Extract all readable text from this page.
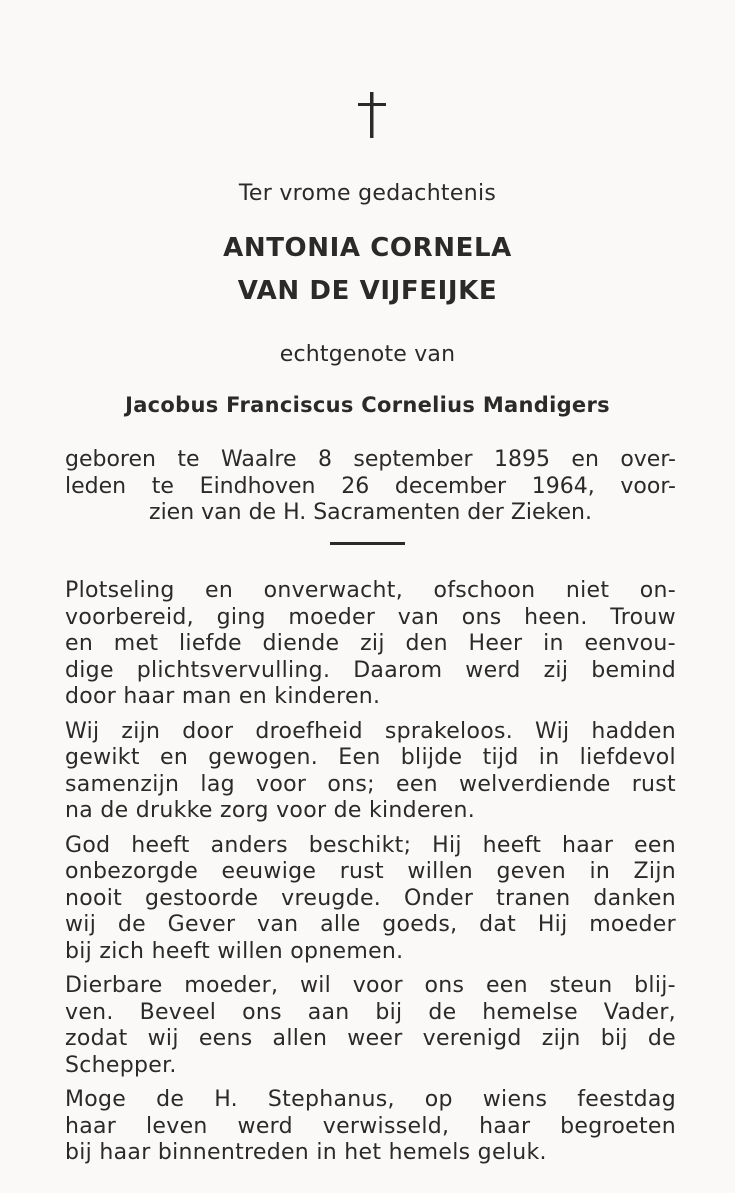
Ter vrome gedachtenis
ANTONIA CORNELA
VAN DE VIJFEIJKE
echtgenote van
Jacobus Franciscus Cornelius Mandigers
geboren te Waalre 8 september 1895 en over-
leden te Eindhoven 26 december 1964, voor-
zien van de H. Sacramenten der Zieken.
Plotseling en onverwacht, ofschoon niet on-
voorbereid, ging moeder van ons heen. Trouw
en met liefde diende zij den Heer in eenvou-
dige plichtsvervulling. Daarom werd zij bemind
door haar man en kinderen.
Wij zijn door droefheid sprakeloos. Wij hadden
gewikt en gewogen. Een blijde tijd in liefdevol
samenzijn lag voor ons; een welverdiende rust
na de drukke zorg voor de kinderen.
God heeft anders beschikt; Hij heeft haar een
onbezorgde eeuwige rust willen geven in Zijn
nooit gestoorde vreugde. Onder tranen danken
wij de Gever van alle goeds, dat Hij moeder
bij zich heeft willen opnemen.
Dierbare moeder, wil voor ons een steun blij-
ven. Beveel ons aan bij de hemelse Vader,
zodat wij eens allen weer verenigd zijn bij de
Schepper.
Moge de H. Stephanus, op wiens feestdag
haar leven werd verwisseld, haar begroeten
bij haar binnentreden in het hemels geluk.
